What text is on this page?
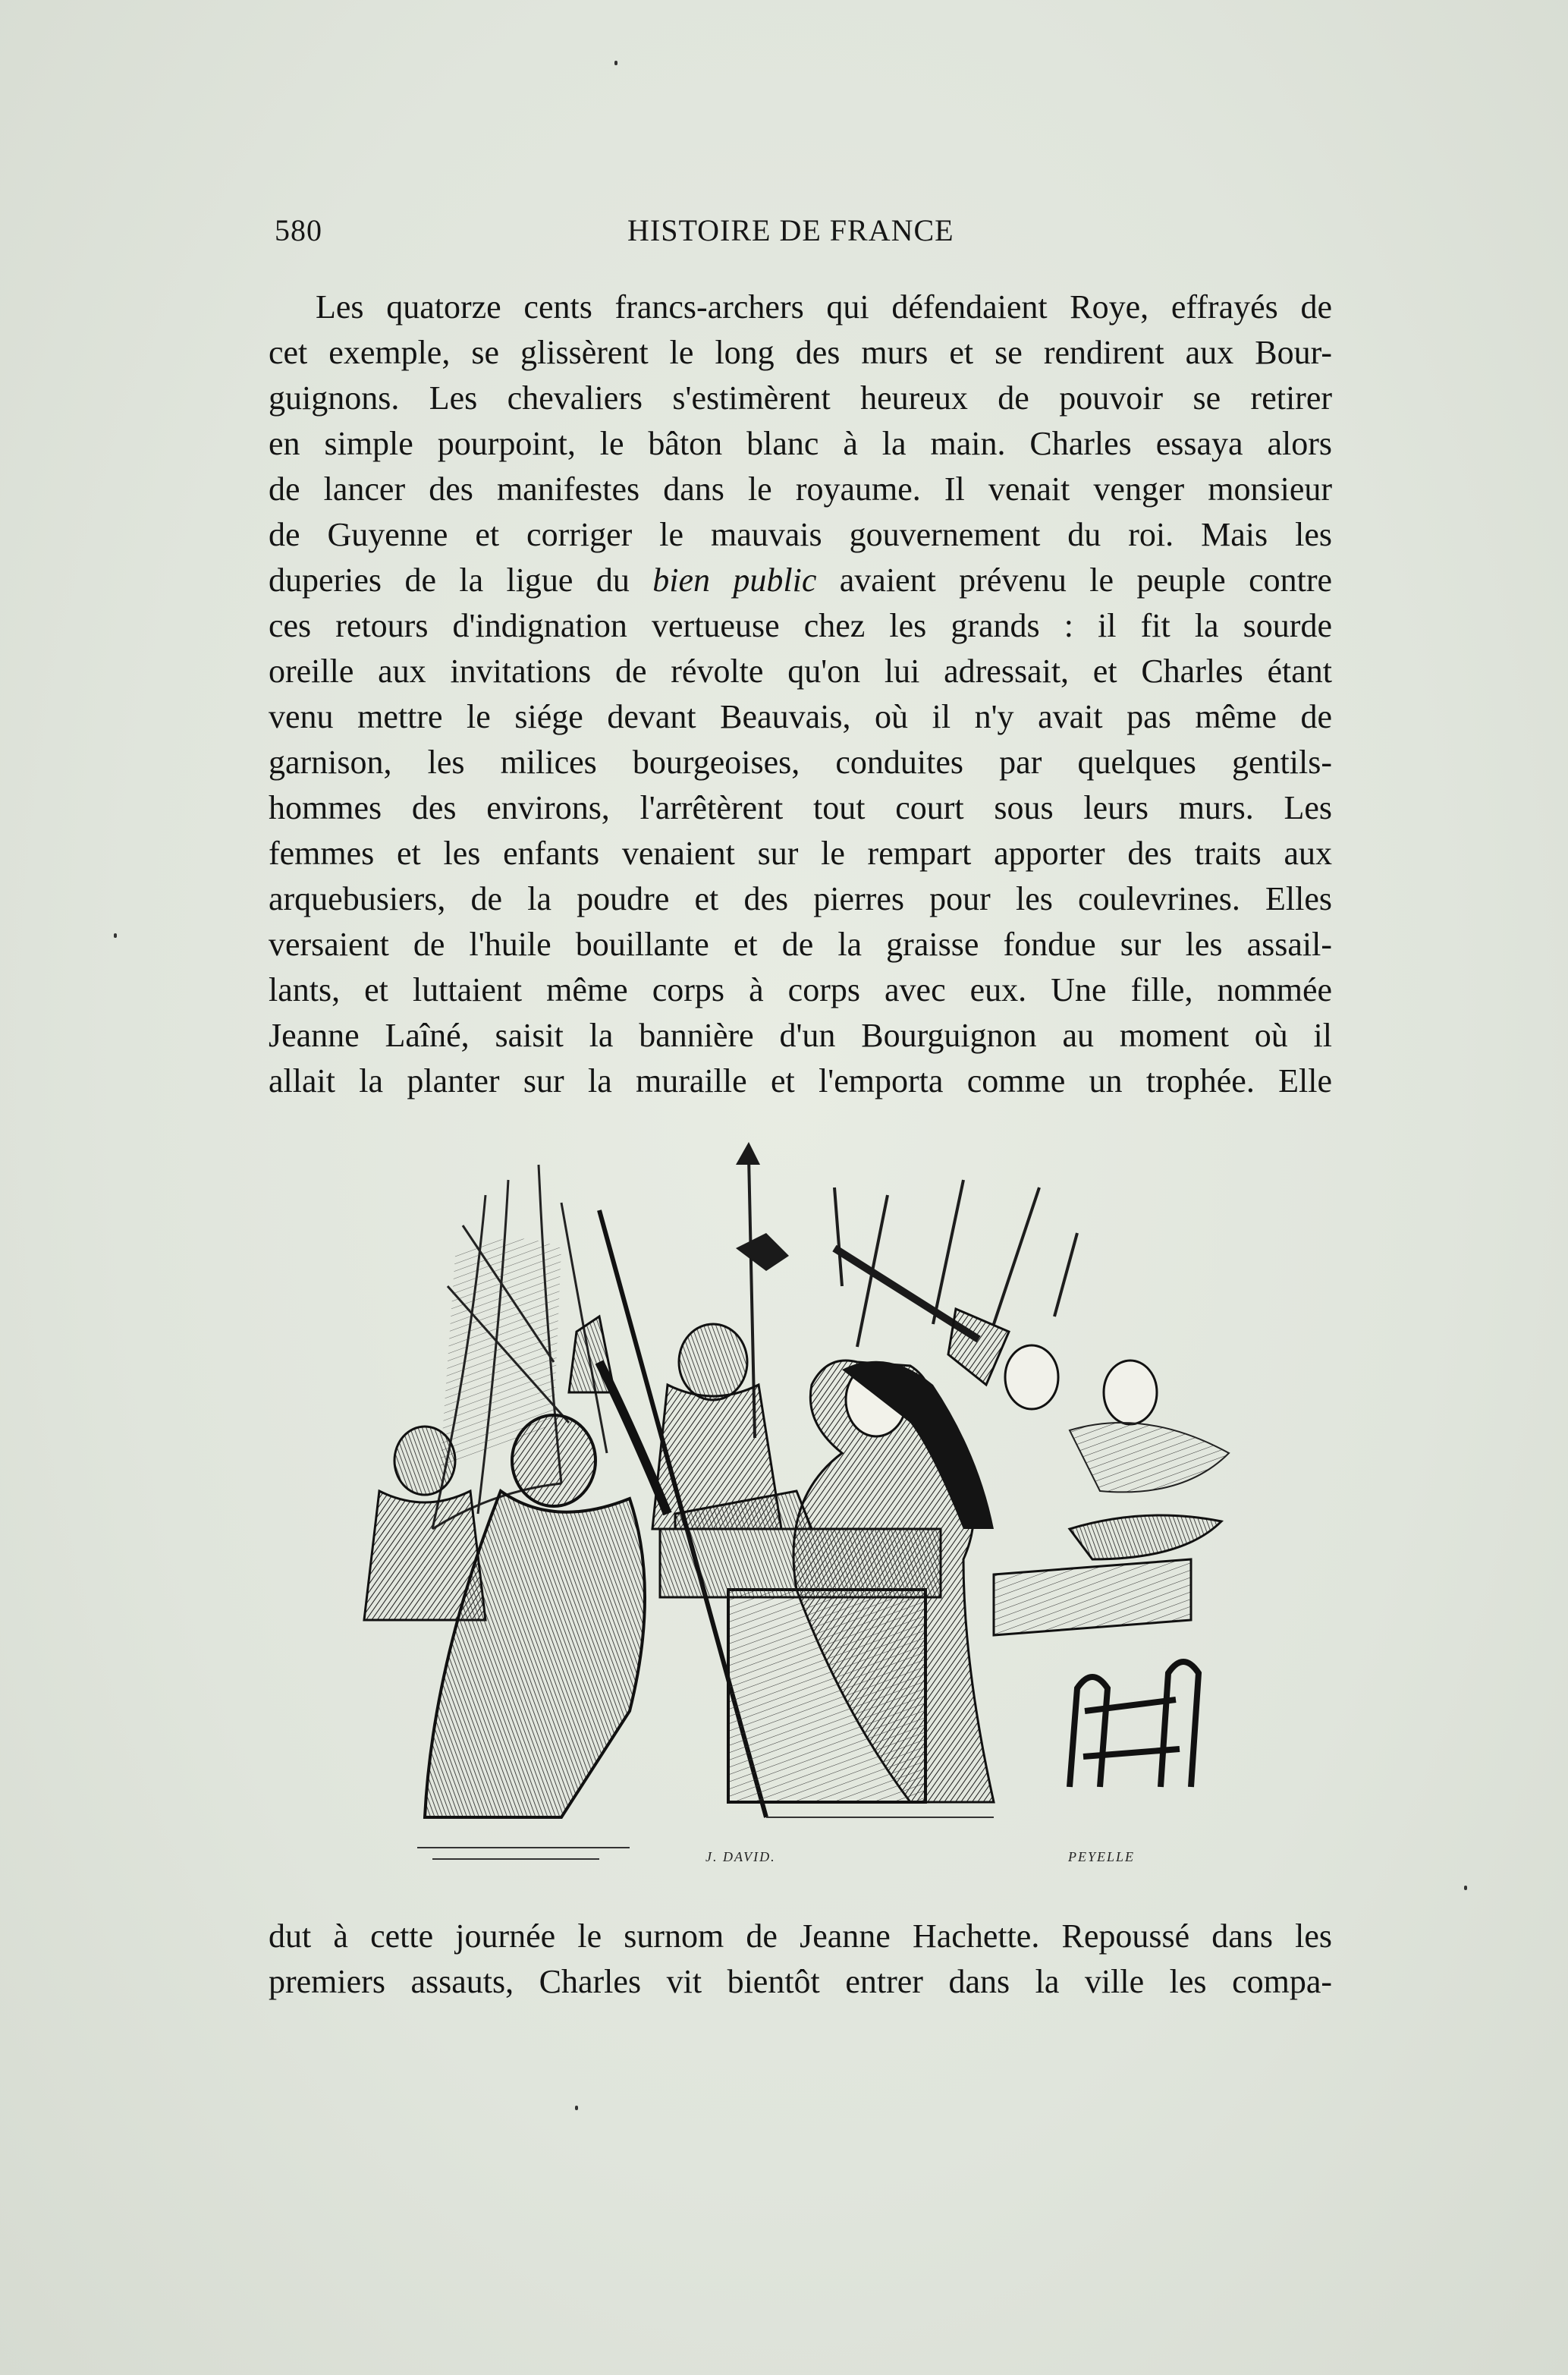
580	HISTOIRE DE FRANCE
Les quatorze cents francs-archers qui défendaient Roye, effrayés de
cet exemple, se glissèrent le long des murs et se rendirent aux Bour-
guignons. Les chevaliers s'estimèrent heureux de pouvoir se retirer
en simple pourpoint, le bâton blanc à la main. Charles essaya alors
de lancer des manifestes dans le royaume. Il venait venger monsieur
de Guyenne et corriger le mauvais gouvernement du roi. Mais les
duperies de la ligue du bien public avaient prévenu le peuple contre
ces retours d'indignation vertueuse chez les grands : il fit la sourde
oreille aux invitations de révolte qu'on lui adressait, et Charles étant
venu mettre le siége devant Beauvais, où il n'y avait pas même de
garnison, les milices bourgeoises, conduites par quelques gentils-
hommes des environs, l'arrêtèrent tout court sous leurs murs. Les
femmes et les enfants venaient sur le rempart apporter des traits aux
arquebusiers, de la poudre et des pierres pour les coulevrines. Elles
versaient de l'huile bouillante et de la graisse fondue sur les assail-
lants, et luttaient même corps à corps avec eux. Une fille, nommée
Jeanne Laîné, saisit la bannière d'un Bourguignon au moment où il
allait la planter sur la muraille et l'emporta comme un trophée. Elle
J. DAVID.	PEYELLE
dut à cette journée le surnom de Jeanne Hachette. Repoussé dans les
premiers assauts, Charles vit bientôt entrer dans la ville les compa-
